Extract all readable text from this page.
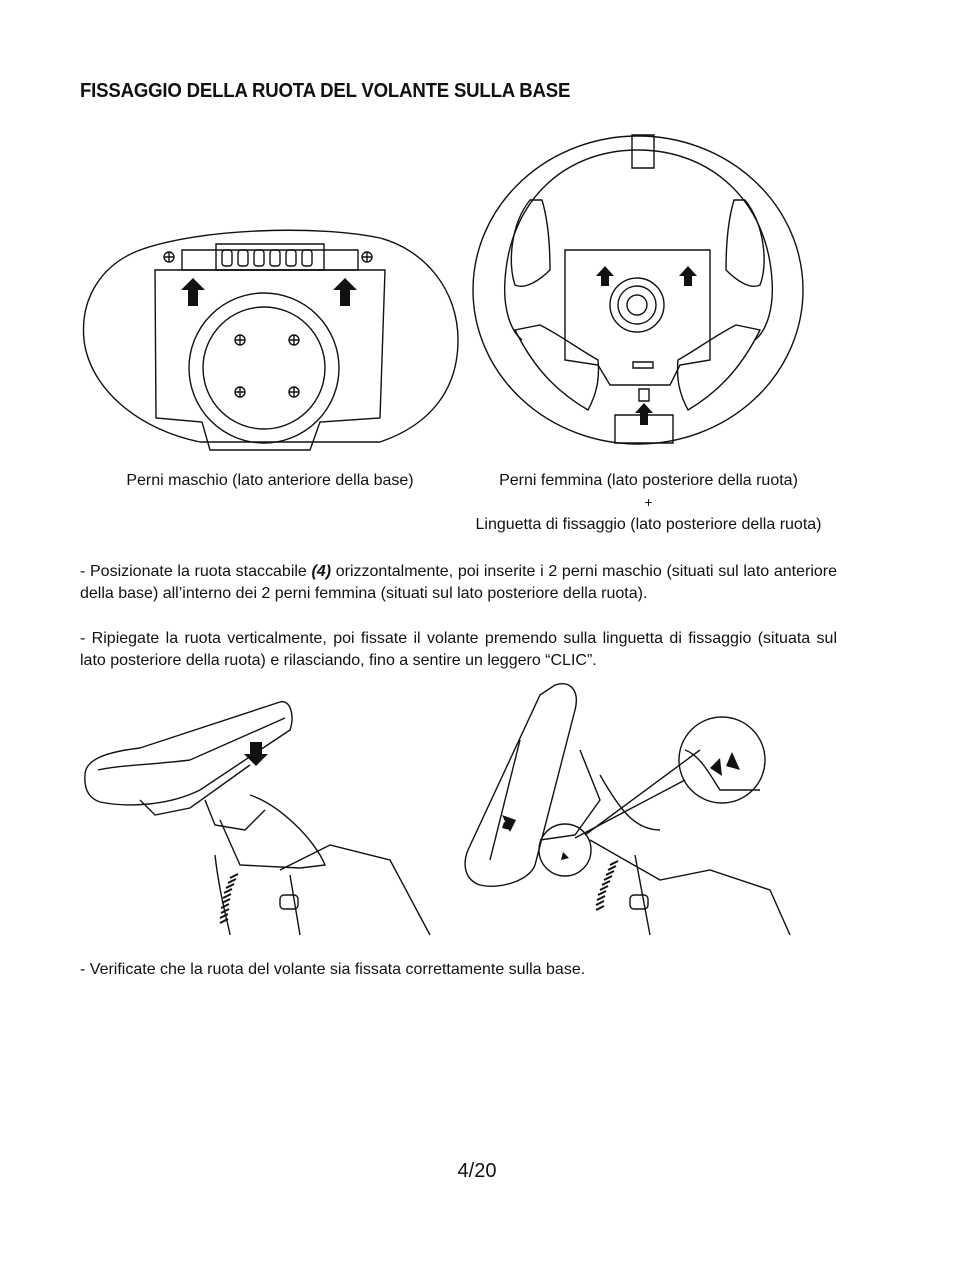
FISSAGGIO DELLA RUOTA DEL VOLANTE SULLA BASE
Perni maschio (lato anteriore della base)	Perni femmina (lato posteriore della ruota)
+
Linguetta di fissaggio (lato posteriore della ruota)
- Posizionate la ruota staccabile (4) orizzontalmente, poi inserite i 2 perni maschio (situati sul lato anteriore della base) all’interno dei 2 perni femmina (situati sul lato posteriore della ruota).
- Ripiegate la ruota verticalmente, poi fissate il volante premendo sulla linguetta di fissaggio (situata sul lato posteriore della ruota) e rilasciando, fino a sentire un leggero “CLIC”.
- Verificate che la ruota del volante sia fissata correttamente sulla base.
4/20
